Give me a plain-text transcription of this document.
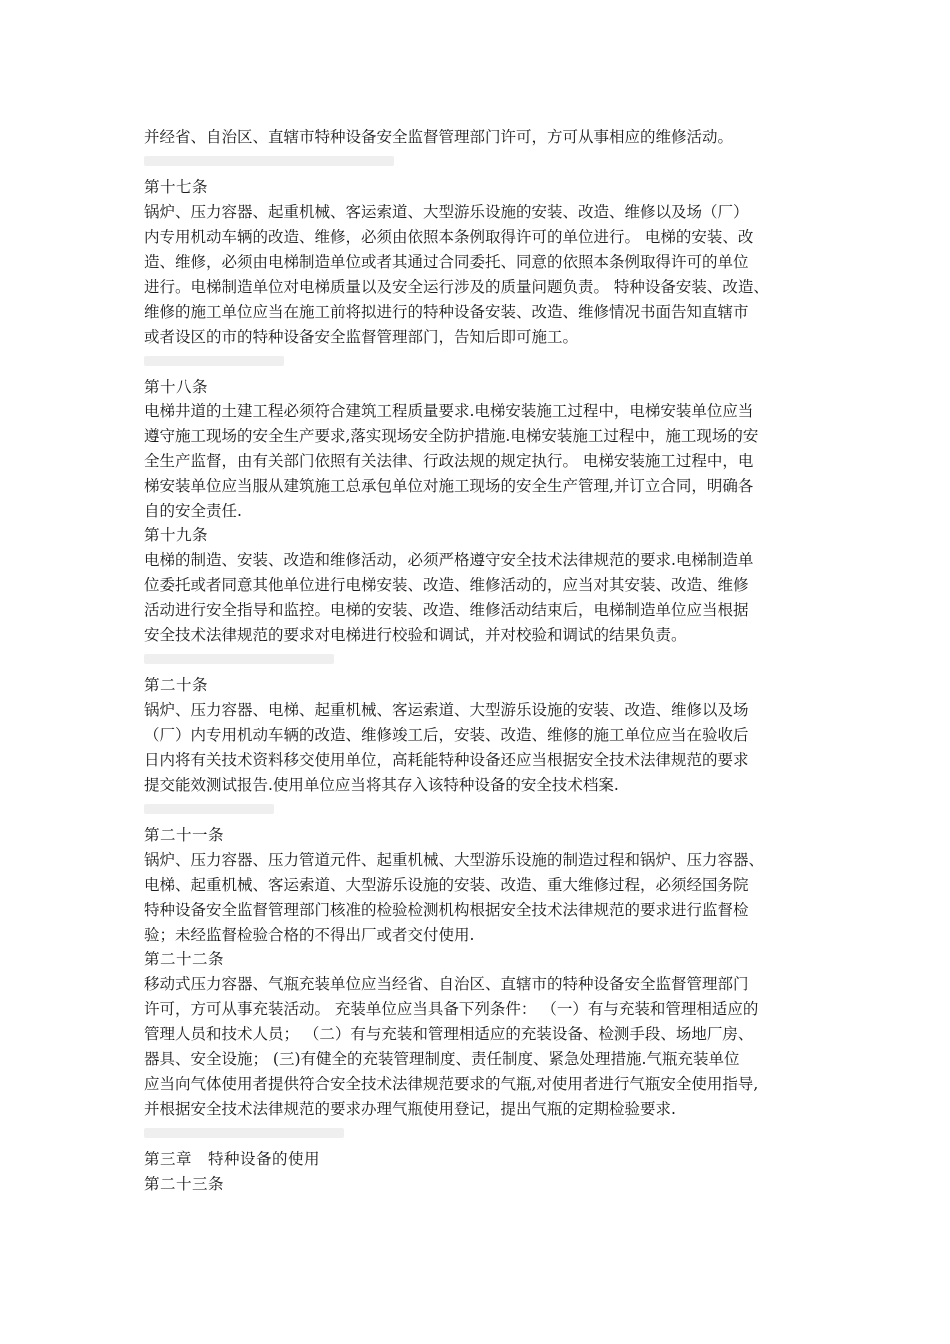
并经省、自治区、直辖市特种设备安全监督管理部门许可，方可从事相应的维修活动。　
第十七条
锅炉、压力容器、起重机械、客运索道、大型游乐设施的安装、改造、维修以及场（厂）
内专用机动车辆的改造、维修，必须由依照本条例取得许可的单位进行。 电梯的安装、改
造、维修，必须由电梯制造单位或者其通过合同委托、同意的依照本条例取得许可的单位
进行。电梯制造单位对电梯质量以及安全运行涉及的质量问题负责。 特种设备安装、改造、
维修的施工单位应当在施工前将拟进行的特种设备安装、改造、维修情况书面告知直辖市
或者设区的市的特种设备安全监督管理部门，告知后即可施工。
第十八条
电梯井道的土建工程必须符合建筑工程质量要求.电梯安装施工过程中，电梯安装单位应当
遵守施工现场的安全生产要求,落实现场安全防护措施.电梯安装施工过程中，施工现场的安
全生产监督，由有关部门依照有关法律、行政法规的规定执行。 电梯安装施工过程中，电
梯安装单位应当服从建筑施工总承包单位对施工现场的安全生产管理,并订立合同，明确各
自的安全责任.
第十九条
电梯的制造、安装、改造和维修活动，必须严格遵守安全技术法律规范的要求.电梯制造单
位委托或者同意其他单位进行电梯安装、改造、维修活动的，应当对其安装、改造、维修
活动进行安全指导和监控。电梯的安装、改造、维修活动结束后，电梯制造单位应当根据
安全技术法律规范的要求对电梯进行校验和调试，并对校验和调试的结果负责。
第二十条
锅炉、压力容器、电梯、起重机械、客运索道、大型游乐设施的安装、改造、维修以及场
（厂）内专用机动车辆的改造、维修竣工后，安装、改造、维修的施工单位应当在验收后
日内将有关技术资料移交使用单位，高耗能特种设备还应当根据安全技术法律规范的要求
提交能效测试报告.使用单位应当将其存入该特种设备的安全技术档案.
第二十一条
锅炉、压力容器、压力管道元件、起重机械、大型游乐设施的制造过程和锅炉、压力容器、
电梯、起重机械、客运索道、大型游乐设施的安装、改造、重大维修过程，必须经国务院
特种设备安全监督管理部门核准的检验检测机构根据安全技术法律规范的要求进行监督检
验；未经监督检验合格的不得出厂或者交付使用.
第二十二条
移动式压力容器、气瓶充装单位应当经省、自治区、直辖市的特种设备安全监督管理部门
许可，方可从事充装活动。 充装单位应当具备下列条件： （一）有与充装和管理相适应的
管理人员和技术人员； （二）有与充装和管理相适应的充装设备、检测手段、场地厂房、
器具、安全设施； (三)有健全的充装管理制度、责任制度、紧急处理措施.气瓶充装单位
应当向气体使用者提供符合安全技术法律规范要求的气瓶,对使用者进行气瓶安全使用指导,
并根据安全技术法律规范的要求办理气瓶使用登记，提出气瓶的定期检验要求.
第三章　特种设备的使用
第二十三条
